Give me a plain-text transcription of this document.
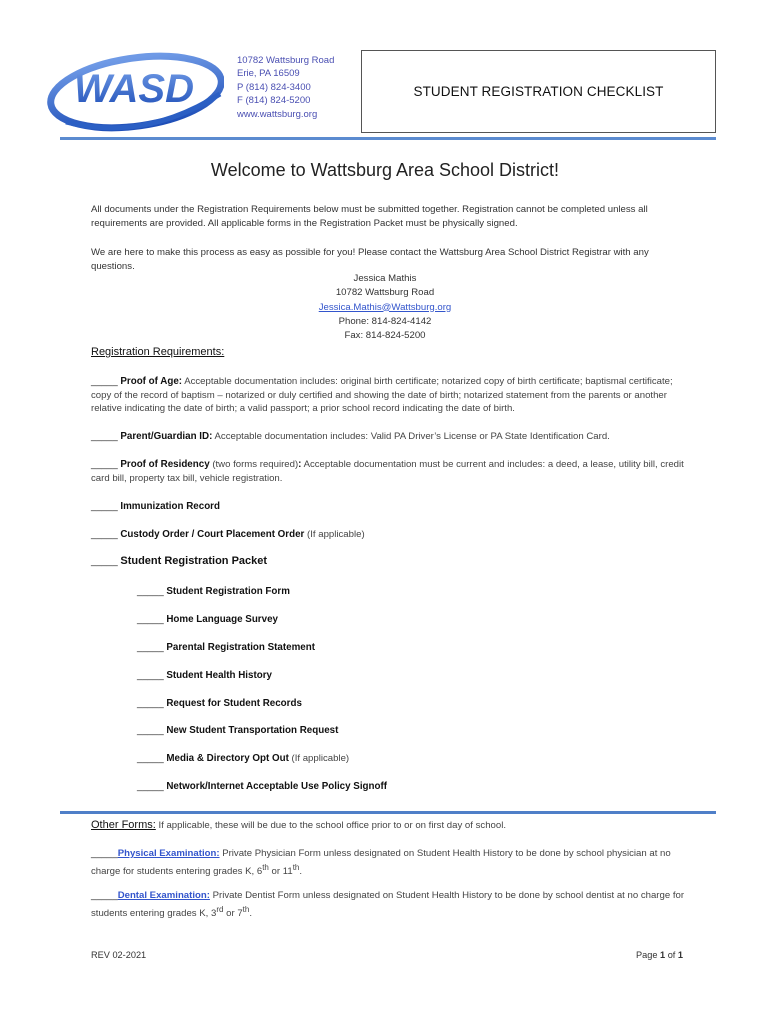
WASD
10782 Wattsburg Road
Erie, PA 16509
P (814) 824-3400
F (814) 824-5200
www.wattsburg.org
STUDENT REGISTRATION CHECKLIST
Welcome to Wattsburg Area School District!
All documents under the Registration Requirements below must be submitted together. Registration cannot be completed unless all requirements are provided. All applicable forms in the Registration Packet must be physically signed.
We are here to make this process as easy as possible for you! Please contact the Wattsburg Area School District Registrar with any questions.
Jessica Mathis
10782 Wattsburg Road
Jessica.Mathis@Wattsburg.org
Phone: 814-824-4142
Fax: 814-824-5200
Registration Requirements:
_____ Proof of Age: Acceptable documentation includes: original birth certificate; notarized copy of birth certificate; baptismal certificate; copy of the record of baptism – notarized or duly certified and showing the date of birth; notarized statement from the parents or another relative indicating the date of birth; a valid passport; a prior school record indicating the date of birth.
_____ Parent/Guardian ID: Acceptable documentation includes: Valid PA Driver’s License or PA State Identification Card.
_____ Proof of Residency (two forms required): Acceptable documentation must be current and includes: a deed, a lease, utility bill, credit card bill, property tax bill, vehicle registration.
_____ Immunization Record
_____ Custody Order / Court Placement Order (If applicable)
_____ Student Registration Packet
_____ Student Registration Form
_____ Home Language Survey
_____ Parental Registration Statement
_____ Student Health History
_____ Request for Student Records
_____ New Student Transportation Request
_____ Media & Directory Opt Out (If applicable)
_____ Network/Internet Acceptable Use Policy Signoff
Other Forms: If applicable, these will be due to the school office prior to or on first day of school.
_____Physical Examination: Private Physician Form unless designated on Student Health History to be done by school physician at no charge for students entering grades K, 6th or 11th.
_____Dental Examination: Private Dentist Form unless designated on Student Health History to be done by school dentist at no charge for students entering grades K, 3rd or 7th.
REV 02-2021	Page 1 of 1
